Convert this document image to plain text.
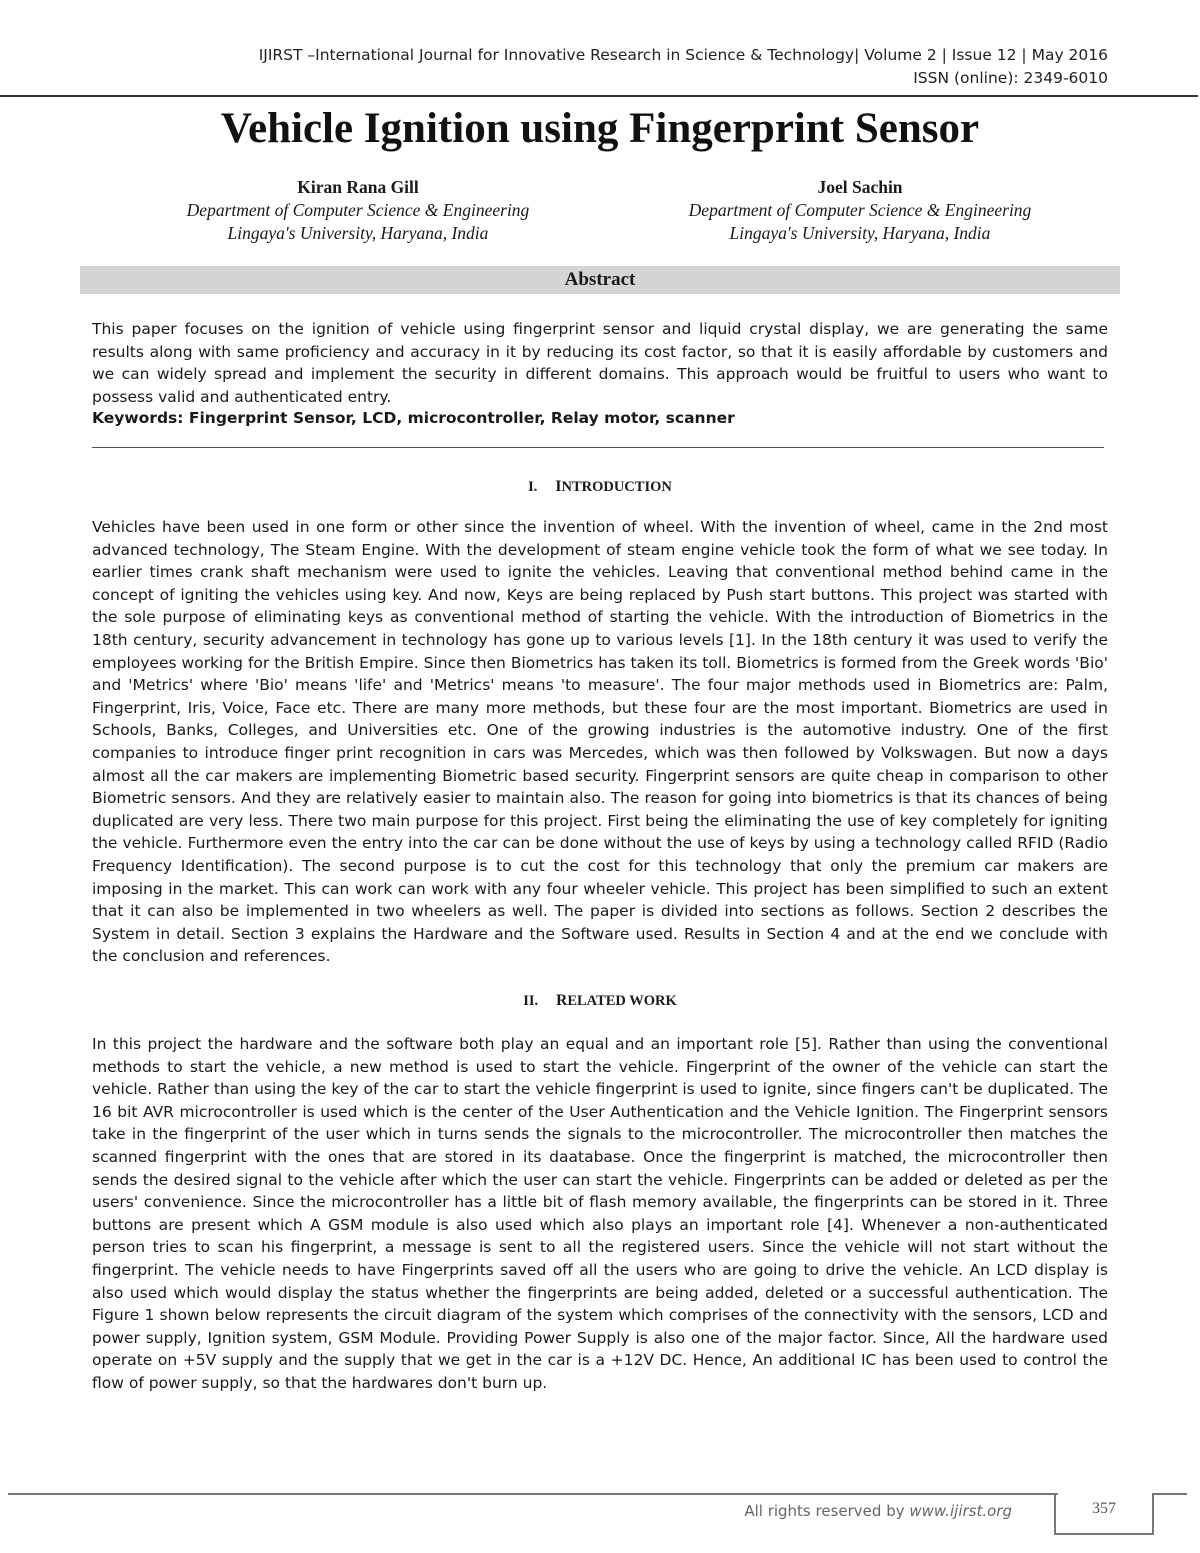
IJIRST –International Journal for Innovative Research in Science & Technology| Volume 2 | Issue 12 | May 2016
ISSN (online): 2349-6010
Vehicle Ignition using Fingerprint Sensor
Kiran Rana Gill
Department of Computer Science & Engineering
Lingaya's University, Haryana, India
Joel Sachin
Department of Computer Science & Engineering
Lingaya's University, Haryana, India
Abstract
This paper focuses on the ignition of vehicle using fingerprint sensor and liquid crystal display, we are generating the same results along with same proficiency and accuracy in it by reducing its cost factor, so that it is easily affordable by customers and we can widely spread and implement the security in different domains. This approach would be fruitful to users who want to possess valid and authenticated entry.
Keywords: Fingerprint Sensor, LCD, microcontroller, Relay motor, scanner
I. INTRODUCTION
Vehicles have been used in one form or other since the invention of wheel. With the invention of wheel, came in the 2nd most advanced technology, The Steam Engine. With the development of steam engine vehicle took the form of what we see today. In earlier times crank shaft mechanism were used to ignite the vehicles. Leaving that conventional method behind came in the concept of igniting the vehicles using key. And now, Keys are being replaced by Push start buttons. This project was started with the sole purpose of eliminating keys as conventional method of starting the vehicle. With the introduction of Biometrics in the 18th century, security advancement in technology has gone up to various levels [1]. In the 18th century it was used to verify the employees working for the British Empire. Since then Biometrics has taken its toll. Biometrics is formed from the Greek words 'Bio' and 'Metrics' where 'Bio' means 'life' and 'Metrics' means 'to measure'. The four major methods used in Biometrics are: Palm, Fingerprint, Iris, Voice, Face etc. There are many more methods, but these four are the most important. Biometrics are used in Schools, Banks, Colleges, and Universities etc. One of the growing industries is the automotive industry. One of the first companies to introduce finger print recognition in cars was Mercedes, which was then followed by Volkswagen. But now a days almost all the car makers are implementing Biometric based security. Fingerprint sensors are quite cheap in comparison to other Biometric sensors. And they are relatively easier to maintain also. The reason for going into biometrics is that its chances of being duplicated are very less. There two main purpose for this project. First being the eliminating the use of key completely for igniting the vehicle. Furthermore even the entry into the car can be done without the use of keys by using a technology called RFID (Radio Frequency Identification). The second purpose is to cut the cost for this technology that only the premium car makers are imposing in the market. This can work can work with any four wheeler vehicle. This project has been simplified to such an extent that it can also be implemented in two wheelers as well. The paper is divided into sections as follows. Section 2 describes the System in detail. Section 3 explains the Hardware and the Software used. Results in Section 4 and at the end we conclude with the conclusion and references.
II. RELATED WORK
In this project the hardware and the software both play an equal and an important role [5]. Rather than using the conventional methods to start the vehicle, a new method is used to start the vehicle. Fingerprint of the owner of the vehicle can start the vehicle. Rather than using the key of the car to start the vehicle fingerprint is used to ignite, since fingers can't be duplicated. The 16 bit AVR microcontroller is used which is the center of the User Authentication and the Vehicle Ignition. The Fingerprint sensors take in the fingerprint of the user which in turns sends the signals to the microcontroller. The microcontroller then matches the scanned fingerprint with the ones that are stored in its daatabase. Once the fingerprint is matched, the microcontroller then sends the desired signal to the vehicle after which the user can start the vehicle. Fingerprints can be added or deleted as per the users' convenience. Since the microcontroller has a little bit of flash memory available, the fingerprints can be stored in it. Three buttons are present which A GSM module is also used which also plays an important role [4]. Whenever a non-authenticated person tries to scan his fingerprint, a message is sent to all the registered users. Since the vehicle will not start without the fingerprint. The vehicle needs to have Fingerprints saved off all the users who are going to drive the vehicle. An LCD display is also used which would display the status whether the fingerprints are being added, deleted or a successful authentication. The Figure 1 shown below represents the circuit diagram of the system which comprises of the connectivity with the sensors, LCD and power supply, Ignition system, GSM Module. Providing Power Supply is also one of the major factor. Since, All the hardware used operate on +5V supply and the supply that we get in the car is a +12V DC. Hence, An additional IC has been used to control the flow of power supply, so that the hardwares don't burn up.
All rights reserved by www.ijirst.org	357
